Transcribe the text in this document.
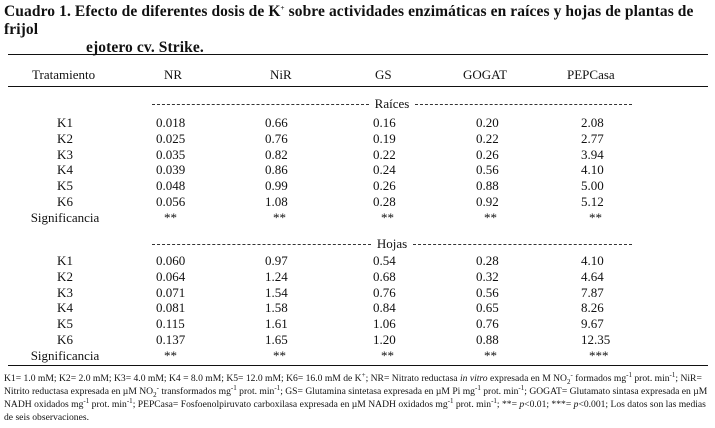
Cuadro 1. Efecto de diferentes dosis de K+ sobre actividades enzimáticas en raíces y hojas de plantas de frijol
ejotero cv. Strike.
Tratamiento	NR	NiR	GS	GOGAT	PEPCasa
Raíces
K1	0.018	0.66	0.16	0.20	2.08
K2	0.025	0.76	0.19	0.22	2.77
K3	0.035	0.82	0.22	0.26	3.94
K4	0.039	0.86	0.24	0.56	4.10
K5	0.048	0.99	0.26	0.88	5.00
K6	0.056	1.08	0.28	0.92	5.12
Significancia	**	**	**	**	**
Hojas
K1	0.060	0.97	0.54	0.28	4.10
K2	0.064	1.24	0.68	0.32	4.64
K3	0.071	1.54	0.76	0.56	7.87
K4	0.081	1.58	0.84	0.65	8.26
K5	0.115	1.61	1.06	0.76	9.67
K6	0.137	1.65	1.20	0.88	12.35
Significancia	**	**	**	**	***

K1= 1.0 mM; K2= 2.0 mM; K3= 4.0 mM; K4 = 8.0 mM; K5= 12.0 mM; K6= 16.0 mM de K+; NR= Nitrato reductasa in vitro expresada en M $NO_2^-$ formados $mg^{-1}$ prot. $\min^{-1}$; NiR= Nitrito reductasa expresada en µM $NO_2^-$ transformados $mg^{-1}$ prot. $\min^{-1}$; GS= Glutamina sintetasa expresada en µM Pi $mg^{-1}$ prot. $\min^{-1}$; GOGAT= Glutamato sintasa expresada en µM NADH oxidados $mg^{-1}$ prot. $\min^{-1}$; PEPCasa= Fosfoenolpiruvato carboxilasa expresada en µM NADH oxidados $mg^{-1}$ prot. $\min^{-1}$; **= p<0.01; ***= p<0.001; Los datos son las medias de seis observaciones.
